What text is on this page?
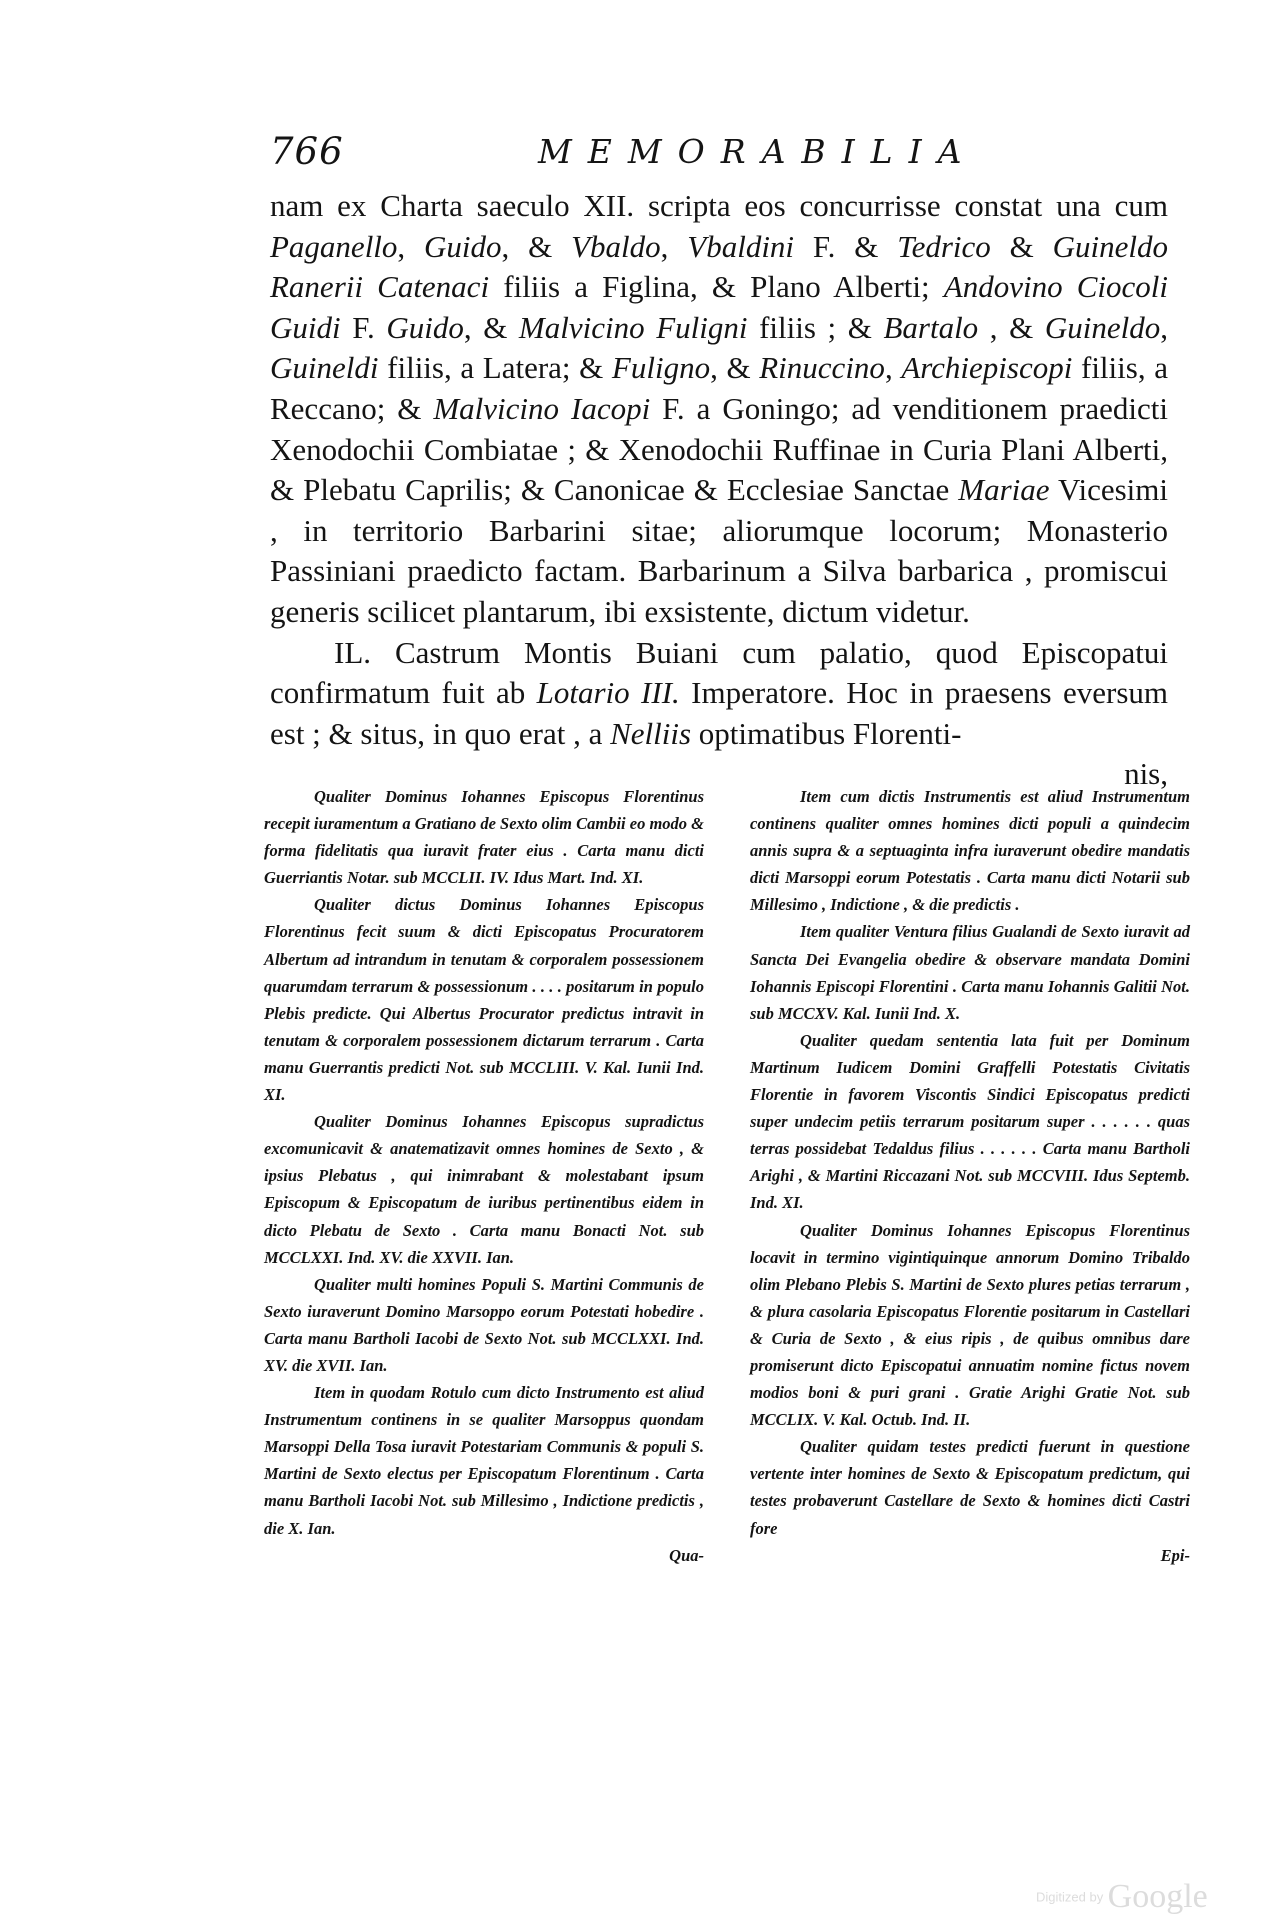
766	MEMORABILIA

nam ex Charta saeculo XII. scripta eos concurrisse constat una cum Paganello, Guido, & Vbaldo, Vbaldini F. & Tedrico & Guineldo Ranerii Catenaci filiis a Figlina, & Plano Alberti; Andovino Ciocoli Guidi F. Guido, & Malvicino Fuligni filiis ; & Bartalo , & Guineldo, Guineldi filiis, a Latera; & Fuligno, & Rinuccino, Archiepiscopi filiis, a Reccano; & Malvicino Iacopi F. a Goningo; ad venditionem praedicti Xenodochii Combiatae ; & Xenodochii Ruffinae in Curia Plani Alberti, & Plebatu Caprilis; & Canonicae & Ecclesiae Sanctae Mariae Vicesimi , in territorio Barbarini sitae; aliorumque locorum; Monasterio Passiniani praedicto factam. Barbarinum a Silva barbarica , promiscui generis scilicet plantarum, ibi exsistente, dictum videtur.

IL. Castrum Montis Buiani cum palatio, quod Episcopatui confirmatum fuit ab Lotario III. Imperatore. Hoc in praesens eversum est ; & situs, in quo erat , a Nelliis optimatibus Florenti-

nis,

Qualiter Dominus Iohannes Episcopus Florentinus recepit iuramentum a Gratiano de Sexto olim Cambii eo modo & forma fidelitatis qua iuravit frater eius . Carta manu dicti Guerriantis Notar. sub MCCLII. IV. Idus Mart. Ind. XI.

Qualiter dictus Dominus Iohannes Episcopus Florentinus fecit suum & dicti Episcopatus Procuratorem Albertum ad intrandum in tenutam & corporalem possessionem quarumdam terrarum & possessionum . . . . positarum in populo Plebis predicte. Qui Albertus Procurator predictus intravit in tenutam & corporalem possessionem dictarum terrarum . Carta manu Guerrantis predicti Not. sub MCCLIII. V. Kal. Iunii Ind. XI.

Qualiter Dominus Iohannes Episcopus supradictus excomunicavit & anatematizavit omnes homines de Sexto , & ipsius Plebatus , qui inimrabant & molestabant ipsum Episcopum & Episcopatum de iuribus pertinentibus eidem in dicto Plebatu de Sexto . Carta manu Bonacti Not. sub MCCLXXI. Ind. XV. die XXVII. Ian.

Qualiter multi homines Populi S. Martini Communis de Sexto iuraverunt Domino Marsoppo eorum Potestati hobedire . Carta manu Bartholi Iacobi de Sexto Not. sub MCCLXXI. Ind. XV. die XVII. Ian.

Item in quodam Rotulo cum dicto Instrumento est aliud Instrumentum continens in se qualiter Marsoppus quondam Marsoppi Della Tosa iuravit Potestariam Communis & populi S. Martini de Sexto electus per Episcopatum Florentinum . Carta manu Bartholi Iacobi Not. sub Millesimo , Indictione predictis , die X. Ian.

Qua-

Item cum dictis Instrumentis est aliud Instrumentum continens qualiter omnes homines dicti populi a quindecim annis supra & a septuaginta infra iuraverunt obedire mandatis dicti Marsoppi eorum Potestatis . Carta manu dicti Notarii sub Millesimo , Indictione , & die predictis .

Item qualiter Ventura filius Gualandi de Sexto iuravit ad Sancta Dei Evangelia obedire & observare mandata Domini Iohannis Episcopi Florentini . Carta manu Iohannis Galitii Not. sub MCCXV. Kal. Iunii Ind. X.

Qualiter quedam sententia lata fuit per Dominum Martinum Iudicem Domini Graffelli Potestatis Civitatis Florentie in favorem Viscontis Sindici Episcopatus predicti super undecim petiis terrarum positarum super . . . . . . quas terras possidebat Tedaldus filius . . . . . . Carta manu Bartholi Arighi , & Martini Riccazani Not. sub MCCVIII. Idus Septemb. Ind. XI.

Qualiter Dominus Iohannes Episcopus Florentinus locavit in termino vigintiquinque annorum Domino Tribaldo olim Plebano Plebis S. Martini de Sexto plures petias terrarum , & plura casolaria Episcopatus Florentie positarum in Castellari & Curia de Sexto , & eius ripis , de quibus omnibus dare promiserunt dicto Episcopatui annuatim nomine fictus novem modios boni & puri grani . Gratie Arighi Gratie Not. sub MCCLIX. V. Kal. Octub. Ind. II.

Qualiter quidam testes predicti fuerunt in questione vertente inter homines de Sexto & Episcopatum predictum, qui testes probaverunt Castellare de Sexto & homines dicti Castri fore

Epi-

Digitized by Google
